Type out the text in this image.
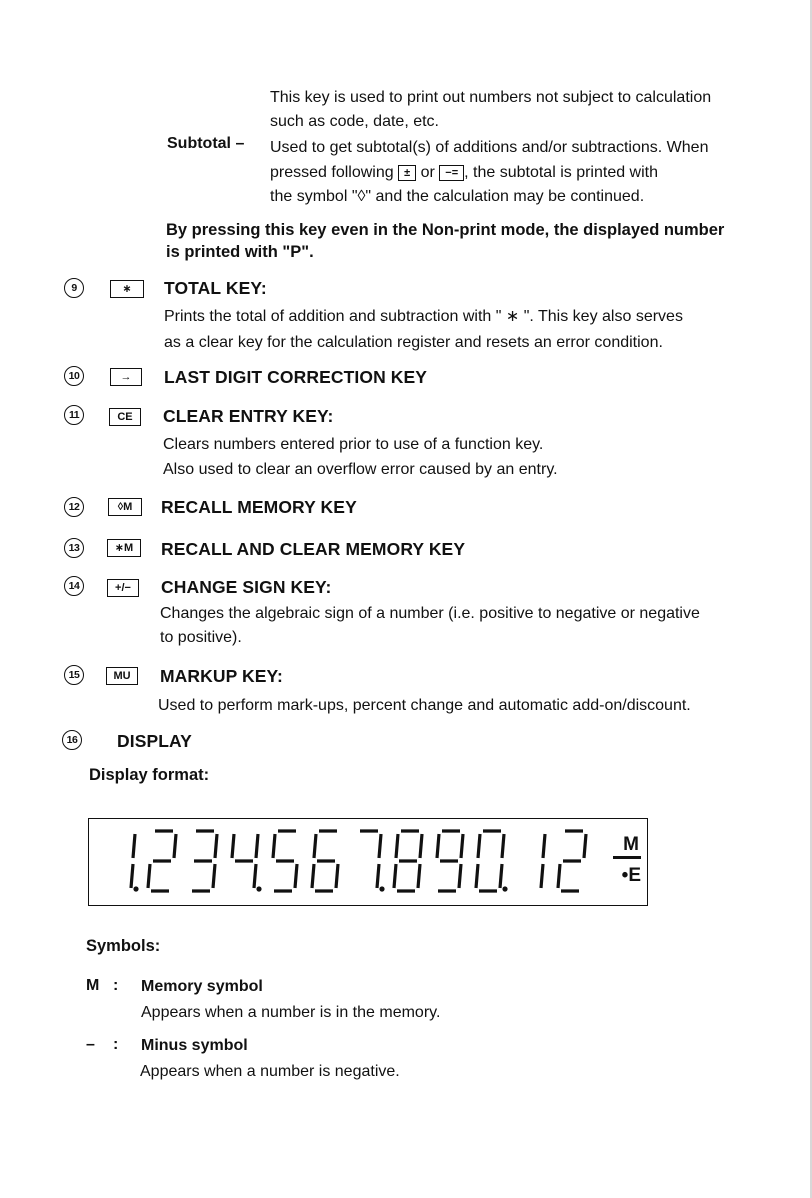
This key is used to print out numbers not subject to calculation
such as code, date, etc.
Subtotal – Used to get subtotal(s) of additions and/or subtractions. When
pressed following ± or −= , the subtotal is printed with
the symbol "◊" and the calculation may be continued.
By pressing this key even in the Non-print mode, the displayed number
is printed with "P".
9	∗	TOTAL KEY:
Prints the total of addition and subtraction with " ∗ ". This key also serves
as a clear key for the calculation register and resets an error condition.
10	→	LAST DIGIT CORRECTION KEY
11	CE	CLEAR ENTRY KEY:
Clears numbers entered prior to use of a function key.
Also used to clear an overflow error caused by an entry.
12	◊M	RECALL MEMORY KEY
13	∗M	RECALL AND CLEAR MEMORY KEY
14	+/−	CHANGE SIGN KEY:
Changes the algebraic sign of a number (i.e. positive to negative or negative
to positive).
15	MU	MARKUP KEY:
Used to perform mark-ups, percent change and automatic add-on/discount.
16 DISPLAY
Display format:
M
•E
Symbols:
M : Memory symbol
Appears when a number is in the memory.
– : Minus symbol
Appears when a number is negative.
